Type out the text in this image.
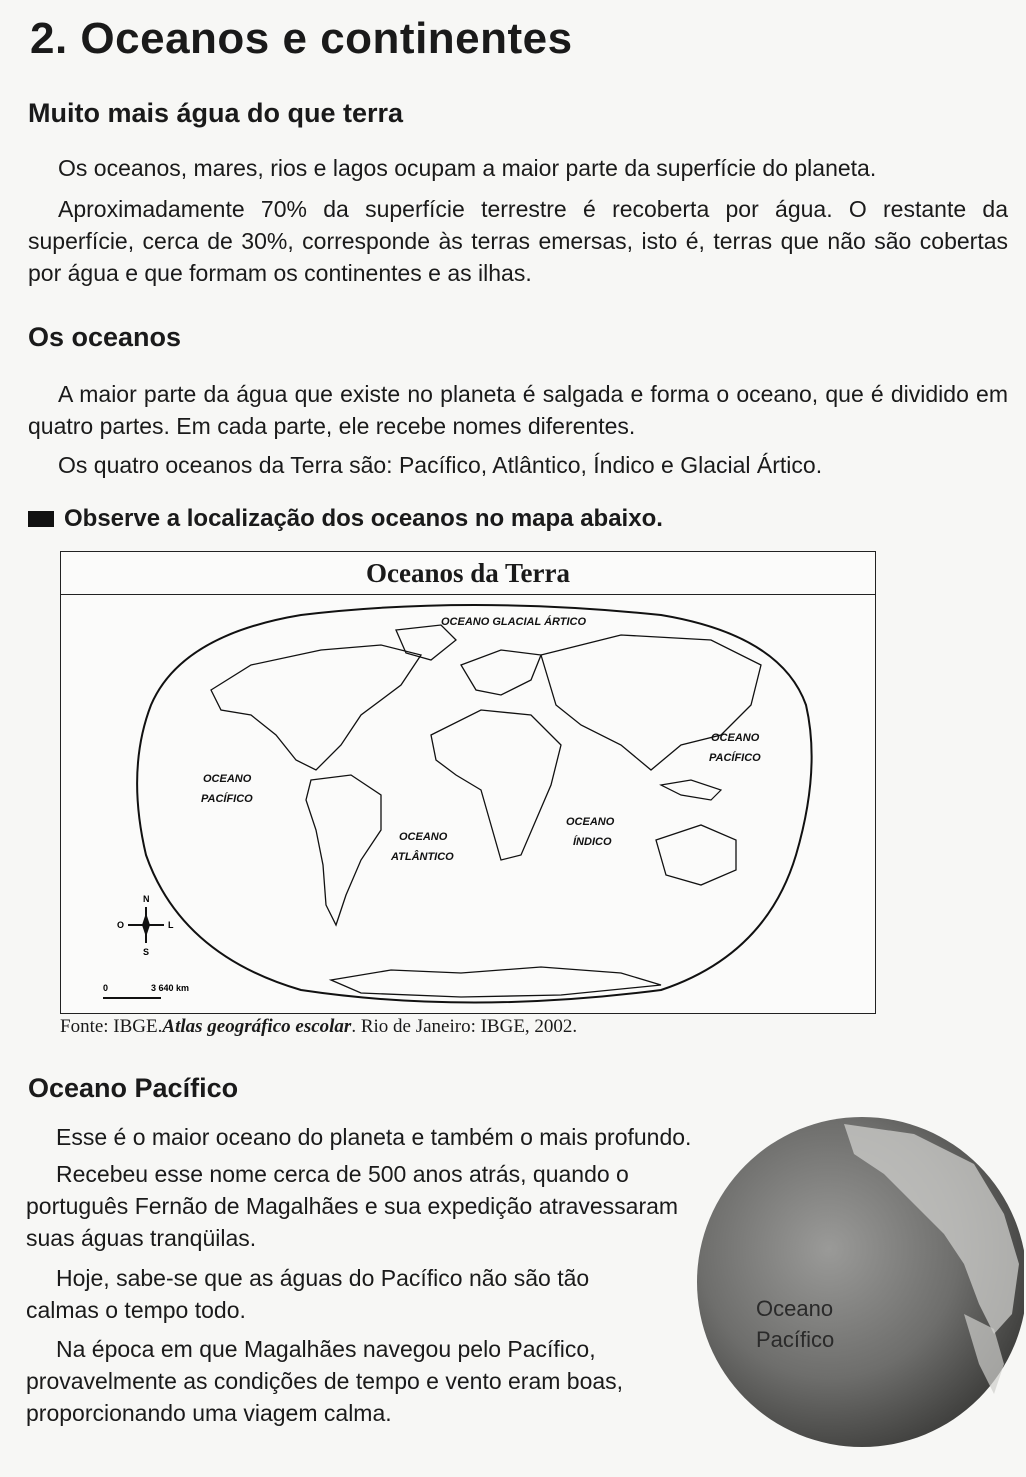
2. Oceanos e continentes
Muito mais água do que terra

Os oceanos, mares, rios e lagos ocupam a maior parte da superfície do planeta.

Aproximadamente 70% da superfície terrestre é recoberta por água. O restante da superfície, cerca de 30%, corresponde às terras emersas, isto é, terras que não são cobertas por água e que formam os continentes e as ilhas.

Os oceanos

A maior parte da água que existe no planeta é salgada e forma o oceano, que é dividido em quatro partes. Em cada parte, ele recebe nomes diferentes.

Os quatro oceanos da Terra são: Pacífico, Atlântico, Índico e Glacial Ártico.

Observe a localização dos oceanos no mapa abaixo.
Oceanos da Terra
OCEANO GLACIAL ÁRTICO
OCEANO
PACÍFICO
OCEANO
PACÍFICO
OCEANO
ATLÂNTICO
OCEANO
ÍNDICO
N
S
L
O
0	3 640 km
Fonte: IBGE.Atlas geográfico escolar. Rio de Janeiro: IBGE, 2002.
Oceano Pacífico

Esse é o maior oceano do planeta e também o mais profundo.

Recebeu esse nome cerca de 500 anos atrás, quando o português Fernão de Magalhães e sua expedição atravessaram suas águas tranqüilas.

Hoje, sabe-se que as águas do Pacífico não são tão calmas o tempo todo.

Na época em que Magalhães navegou pelo Pacífico, provavelmente as condições de tempo e vento eram boas, proporcionando uma viagem calma.

Oceano
Pacífico
